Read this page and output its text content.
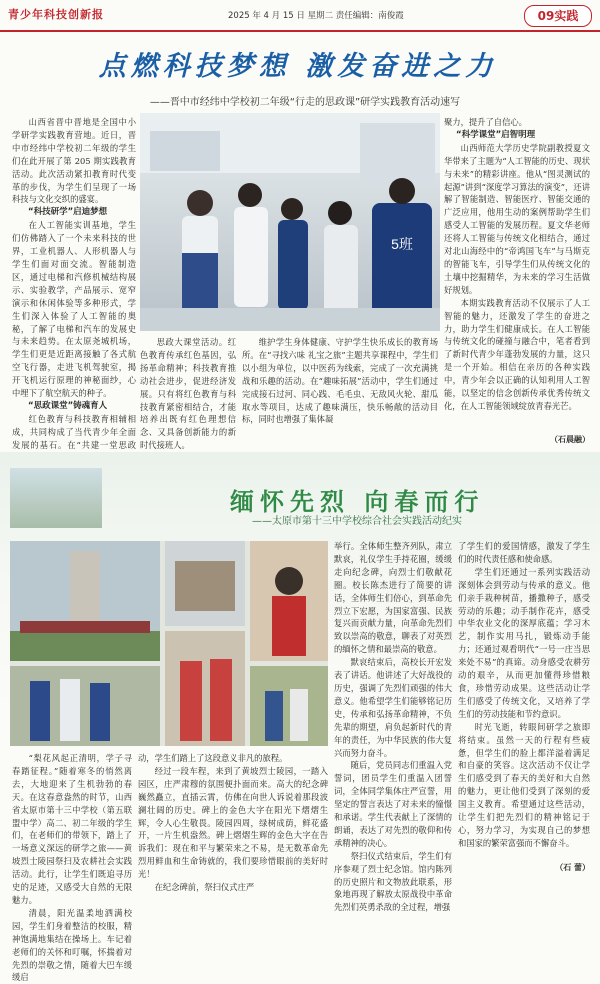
青少年科技创新报	2025 年 4 月 15 日 星期二 责任编辑：南俊霞	09实践
点燃科技梦想 激发奋进之力
——晋中市经纬中学校初二年级“行走的思政课”研学实践教育活动速写

山西省晋中晋地是全国中小学研学实践教育营地。近日，晋中市经纬中学校初二年级的学生们在此开展了第 205 期实践教育活动。此次活动紧扣教育时代变革的步伐，为学生们呈现了一场科技与文化交织的盛宴。

“科技研学”启迪梦想

在人工智能实训基地，学生们仿佛踏入了一个未来科技的世界，工业机器人、人形机器人与学生们面对面交流。智能制造区，通过电梯和汽修机械结构展示、实验教学，产品展示、宽窄演示和休闲体验等多种形式，学生们深入体验了人工智能的奥秘，了解了电梯和汽车的发展史与未来趋势。在太原尧城机场，学生们更是近距离接触了各式航空飞行器，走进飞机驾驶室，揭开飞机运行原理的神秘面纱，心中埋下了航空航天的种子。

“思政课堂”铸魂育人

红色教育与科技教育相辅相成，共同构成了当代青少年全面发展的基石。在“共建一堂思政

5班

思政大课堂活动。红色教育传承红色基因，弘扬革命精神；科技教育推动社会进步，促进经济发展。只有将红色教育与科技教育紧密相结合，才能培养出既有红色理想信念、又具备创新能力的新时代接班人。

维护学生身体健康、守护学生快乐成长的教育场所。在“寻找六味 礼宝之旅”主题共享课程中，学生们以小组为单位，以中医药为线索，完成了一次充满挑战和乐趣的活动。在“趣味拓展”活动中，学生们通过完成接石过河、同心践、毛毛虫、无敌风火轮、甜瓜取水等项目，达成了趣味满压，快乐畅敞的活动目标，同时也增强了集体凝

聚力，提升了自信心。

“科学课堂”启智明理

山西师范大学历史学院副教授夏文华带来了主题为“人工智能的历史、现状与未来”的精彩讲座。他从“图灵测试的起源”讲到“深度学习算法的演变”，还讲解了智能制造、智能医疗、智能交通的广泛应用，他用生动的案例帮助学生们感受人工智能的发展历程。夏文华老师还将人工智能与传统文化相结合，通过对北山海经中的“帝鸿国飞车”与马斯克的智能飞车，引导学生们从传统文化的土壤中挖掘精华，为未来的学习生活做好规划。

本期实践教育活动不仅展示了人工智能的魅力，还激发了学生的奋进之力，助力学生们健康成长。在人工智能与传统文化的碰撞与融合中，笔者看到了新时代青少年蓬勃发展的力量，这只是一个开始。相信在亲历的各种实践中，青少年会以正确的认知利用人工智能，以坚定的信念创新传承优秀传统文化，在人工智能领域绽放青春光芒。

（石晨融）
缅怀先烈 向春而行
——太原市第十三中学校综合社会实践活动纪实

“梨花风起正清明，学子寻春踏征程。”随着寒冬的悄然离去，大地迎来了生机勃勃的春天。在这春意盎然的时节，山西省太原市第十三中学校（第五联盟中学）高二、初二年级的学生们，在老师们的带领下，踏上了一场意义深远的研学之旅——黄坡烈士陵园祭扫及农耕社会实践活动。此行，让学生们既追寻历史的足迹，又感受大自然的无限魅力。

清晨，阳光温柔地洒满校园，学生们身着整洁的校服，精神饱满地集结在操场上。车记着老师们的关怀和叮嘱，怀揣着对先烈的崇敬之情，随着大巴车缓缓启

动，学生们踏上了这段意义非凡的旅程。

经过一段车程，来到了黄坡烈士陵园，一踏入园区，庄严肃穆的氛围便扑面而来。高大的纪念碑巍然矗立，直插云霄，仿佛在向世人诉说着那段波澜壮阔的历史。碑上的金色大字在阳光下熠熠生辉，令人心生敬畏。陵园四周，绿树成荫，鲜花盛开，一片生机盎然。碑上熠熠生辉的金色大字在告诉我们：现在和平与繁荣来之不易，是无数革命先烈用鲜血和生命铸就的，我们要珍惜眼前的美好时光！

在纪念碑前，祭扫仪式庄严

举行。全体师生整齐列队，肃立默哀，礼仪学生手持花圈，缓缓走向纪念碑，向烈士们敬献花圈。校长陈杰进行了简要的讲话，全体师生们倍心，到革命先烈立下宏愿，为国家富强、民族复兴而贡献力量，向革命先烈们致以崇高的敬意，聊表了对英烈的缅怀之情和最崇高的敬意。

默哀结束后，高校长开宏发表了讲话。他讲述了大好战役的历史，强调了先烈们顽强的伟大意义。他希望学生们能够铭记历史，传承和弘扬革命精神，不负先辈的期望，肩负起新时代的青年的责任，为中华民族的伟大复兴而努力奋斗。

随后，党员同志们重温入党誓词，团员学生们重温入团誓词，全体同学集体庄严宣誓，用坚定的誓言表达了对未来的憧憬和承诺。学生代表献上了深情的朗诵，表达了对先烈的敬仰和传承精神的决心。

祭扫仪式结束后，学生们有序参观了烈士纪念馆。馆内陈列的历史照片和文物放此联系，形象地再现了解放太原战役中革命先烈们英勇杀敌的全过程，增强

了学生们的爱国情感，激发了学生们的时代责任感和使命感。

学生们还通过一系列实践活动深刻体会到劳动与传承的意义。他们亲手栽种树苗，播撒种子，感受劳动的乐趣；动手制作花卉，感受中华农业文化的深厚底蕴；学习木艺，制作实用马扎，锻炼动手能力；还通过观看明代“一号一庄当思来处不易”的真谛。动身感受农耕劳动的艰辛，从而更加懂得珍惜粮食，珍惜劳动成果。这些活动让学生们感受了传统文化，又培养了学生们的劳动技能和节约意识。

时光飞逝，转眼间研学之旅即将结束。虽然一天的行程有些疲惫，但学生们的脸上都洋溢着满足和自豪的笑容。这次活动不仅让学生们感受到了春天的美好和大自然的魅力，更让他们受到了深刻的爱国主义教育。希望通过这些活动，让学生们把先烈们的精神铭记于心，努力学习，为实现自己的梦想和国家的繁荣富强而不懈奋斗。

（石 蕾）
